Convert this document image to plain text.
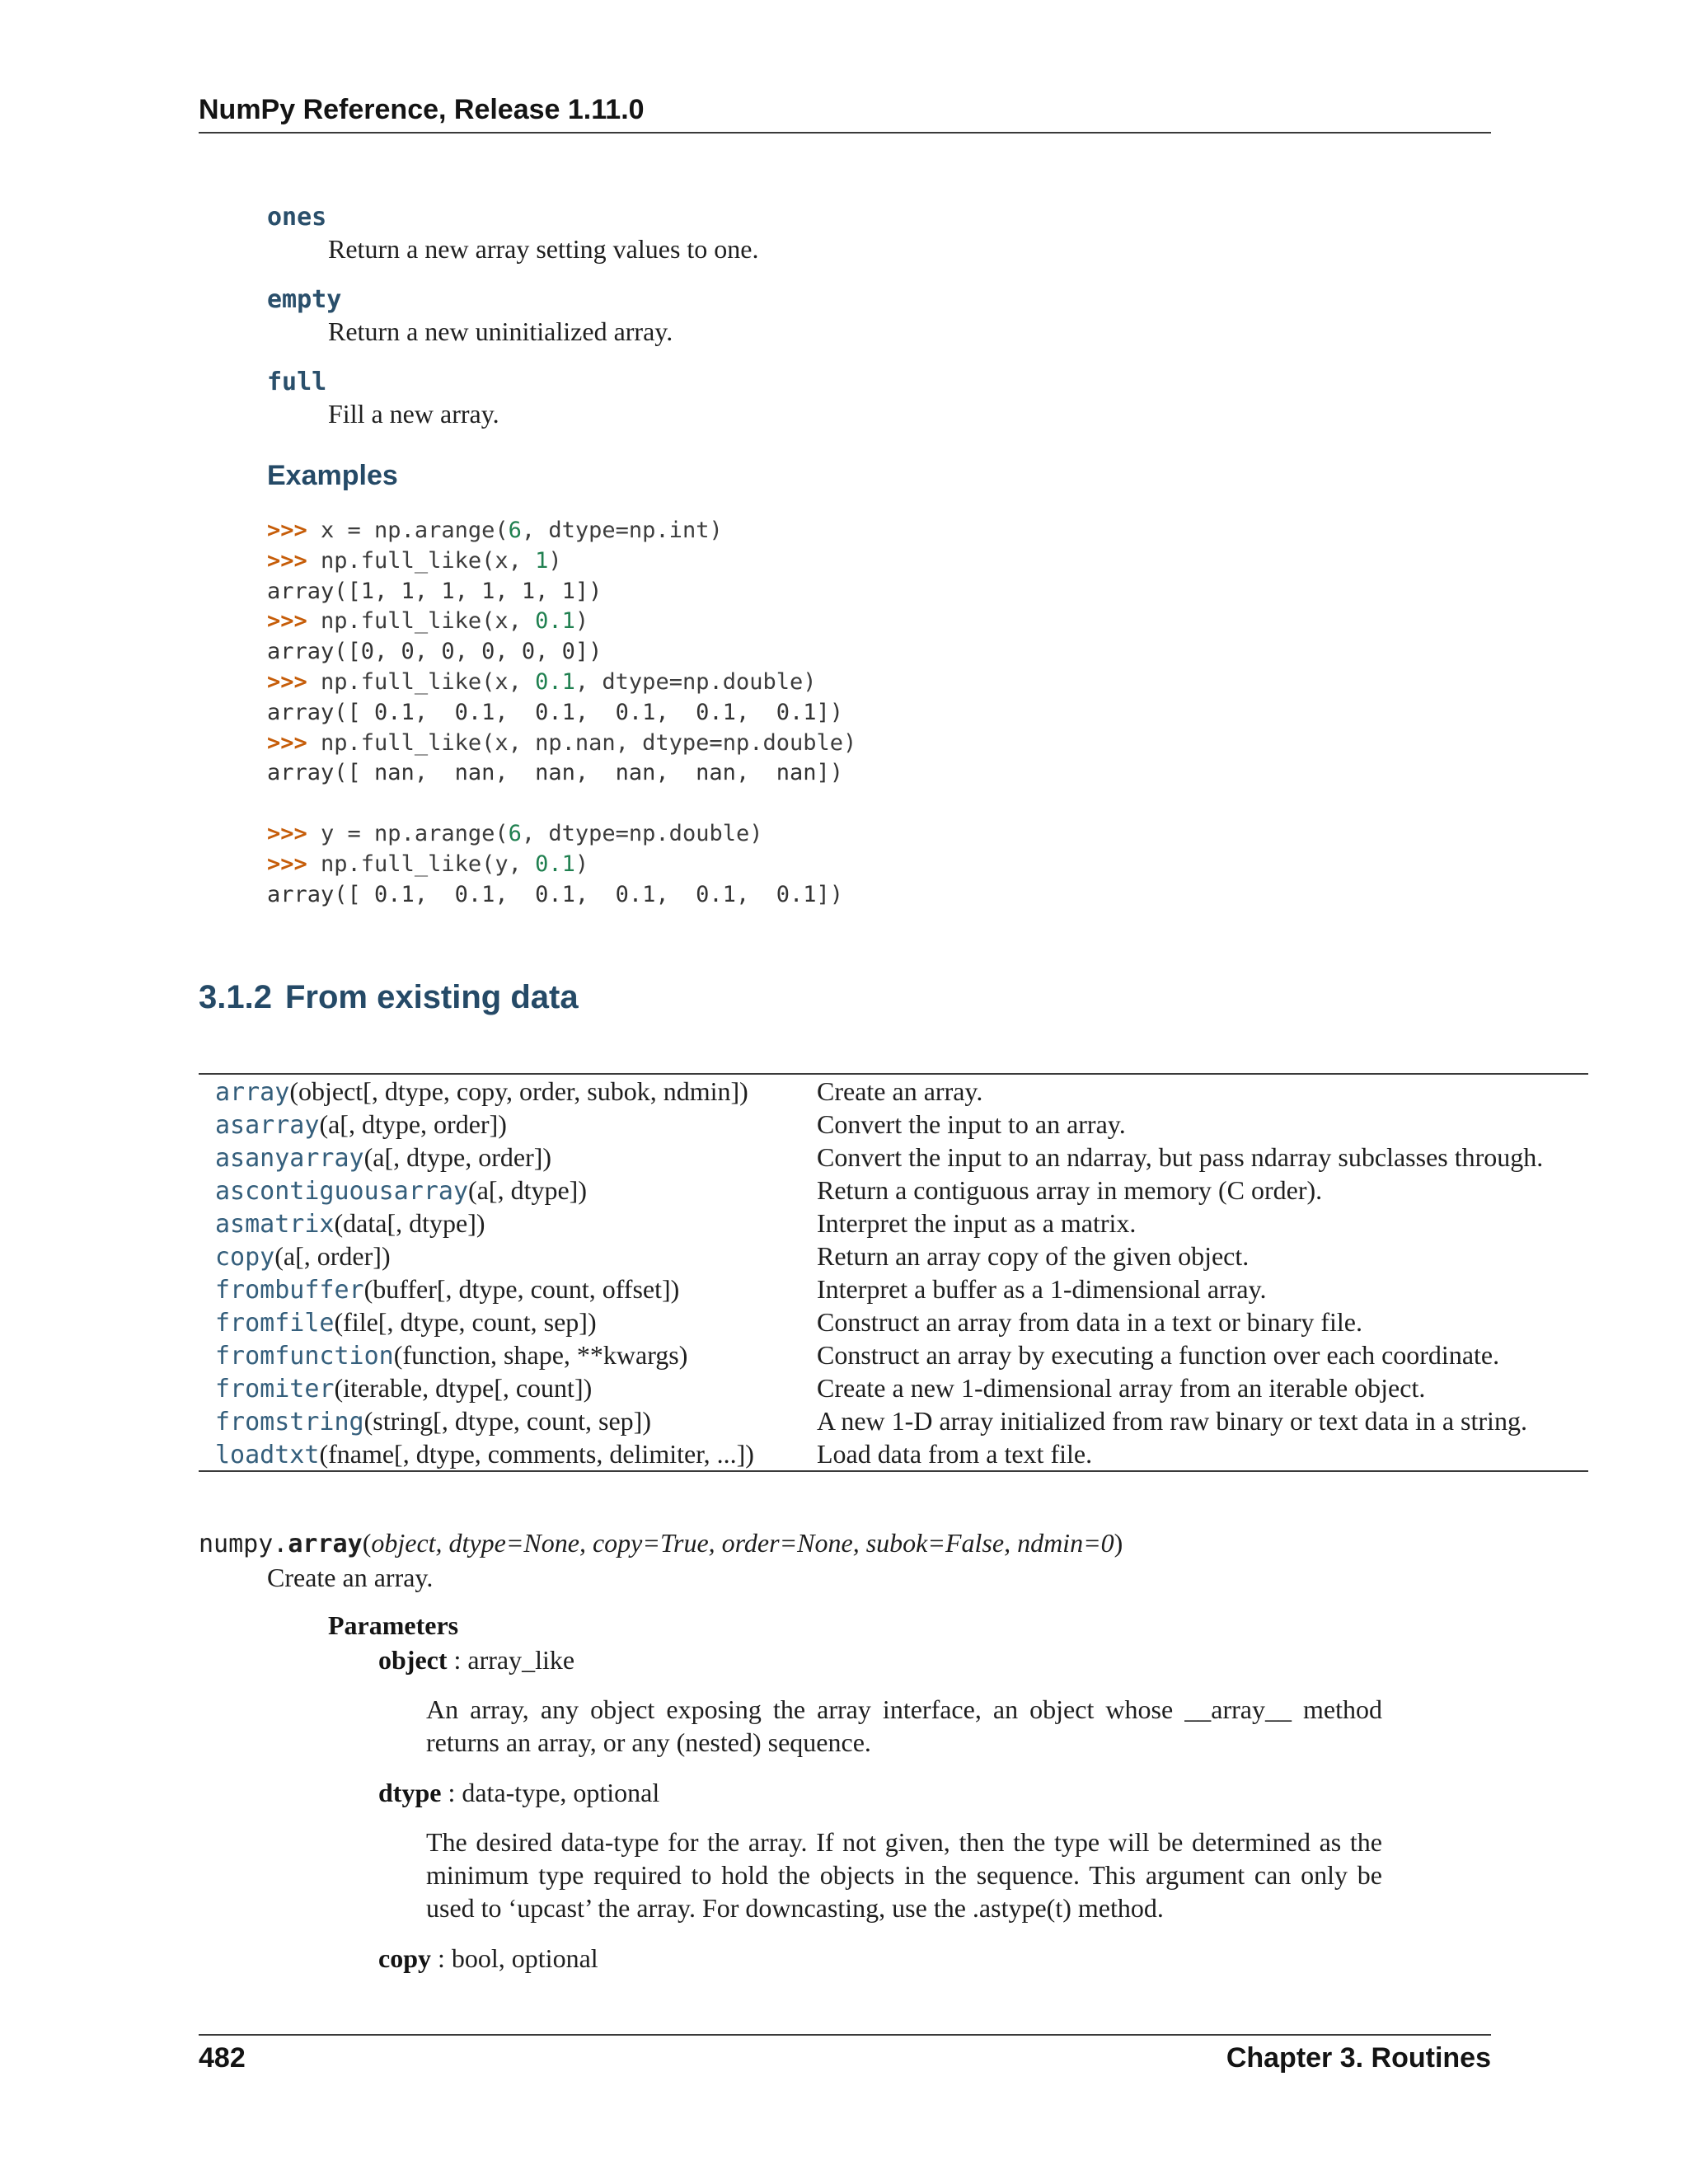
NumPy Reference, Release 1.11.0
ones
Return a new array setting values to one.
empty
Return a new uninitialized array.
full
Fill a new array.
Examples
>>> x = np.arange(6, dtype=np.int)
>>> np.full_like(x, 1)
array([1, 1, 1, 1, 1, 1])
>>> np.full_like(x, 0.1)
array([0, 0, 0, 0, 0, 0])
>>> np.full_like(x, 0.1, dtype=np.double)
array([ 0.1,  0.1,  0.1,  0.1,  0.1,  0.1])
>>> np.full_like(x, np.nan, dtype=np.double)
array([ nan,  nan,  nan,  nan,  nan,  nan])

>>> y = np.arange(6, dtype=np.double)
>>> np.full_like(y, 0.1)
array([ 0.1,  0.1,  0.1,  0.1,  0.1,  0.1])
3.1.2 From existing data
array(object[, dtype, copy, order, subok, ndmin])	Create an array.
asarray(a[, dtype, order])	Convert the input to an array.
asanyarray(a[, dtype, order])	Convert the input to an ndarray, but pass ndarray subclasses through.
ascontiguousarray(a[, dtype])	Return a contiguous array in memory (C order).
asmatrix(data[, dtype])	Interpret the input as a matrix.
copy(a[, order])	Return an array copy of the given object.
frombuffer(buffer[, dtype, count, offset])	Interpret a buffer as a 1-dimensional array.
fromfile(file[, dtype, count, sep])	Construct an array from data in a text or binary file.
fromfunction(function, shape, **kwargs)	Construct an array by executing a function over each coordinate.
fromiter(iterable, dtype[, count])	Create a new 1-dimensional array from an iterable object.
fromstring(string[, dtype, count, sep])	A new 1-D array initialized from raw binary or text data in a string.
loadtxt(fname[, dtype, comments, delimiter, ...]) Load data from a text file.
numpy.array(object, dtype=None, copy=True, order=None, subok=False, ndmin=0)
Create an array.
Parameters
object : array_like

An array, any object exposing the array interface, an object whose __array__ method returns an array, or any (nested) sequence.

dtype : data-type, optional

The desired data-type for the array. If not given, then the type will be determined as the minimum type required to hold the objects in the sequence. This argument can only be used to ‘upcast’ the array. For downcasting, use the .astype(t) method.

copy : bool, optional
482	Chapter 3. Routines
